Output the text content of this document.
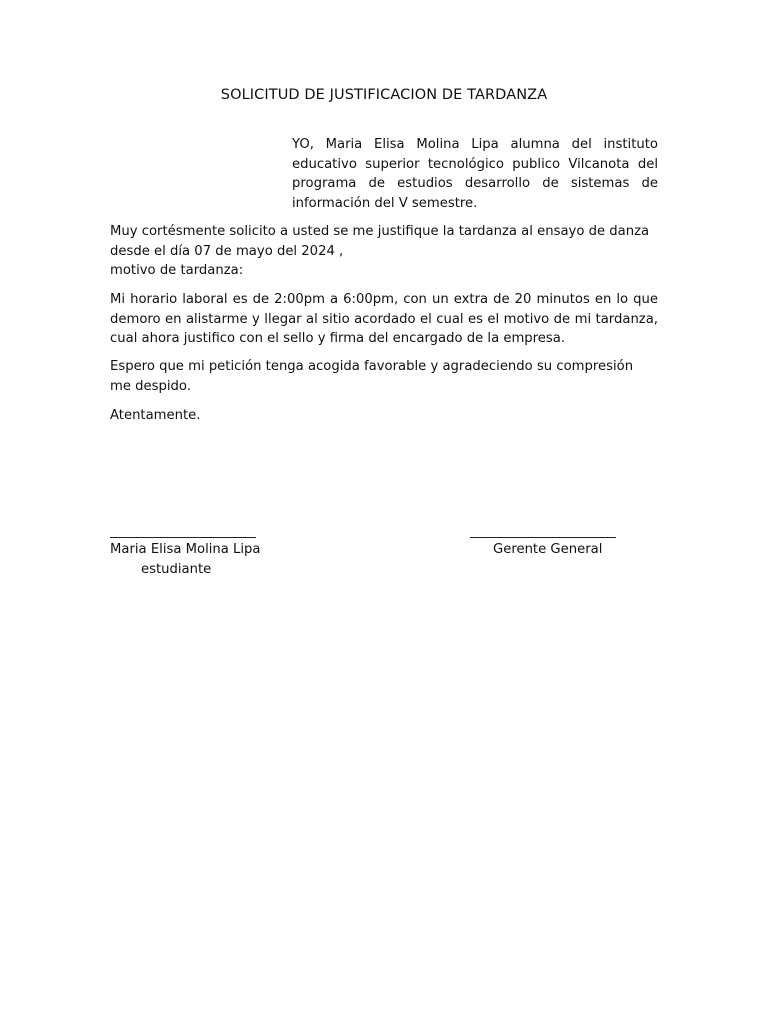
SOLICITUD DE JUSTIFICACION DE TARDANZA

YO, Maria Elisa Molina Lipa alumna del instituto educativo superior tecnológico publico Vilcanota del programa de estudios desarrollo de sistemas de información del V semestre.

Muy cortésmente solicito a usted se me justifique la tardanza al ensayo de danza
desde el día 07 de mayo del 2024 ,
motivo de tardanza:

Mi horario laboral es de 2:00pm a 6:00pm, con un extra de 20 minutos en lo que demoro en alistarme y llegar al sitio acordado el cual es el motivo de mi tardanza, cual ahora justifico con el sello y firma del encargado de la empresa.

Espero que mi petición tenga acogida favorable y agradeciendo su compresión me despido.

Atentamente.

Maria Elisa Molina Lipa
estudiante
Gerente General
